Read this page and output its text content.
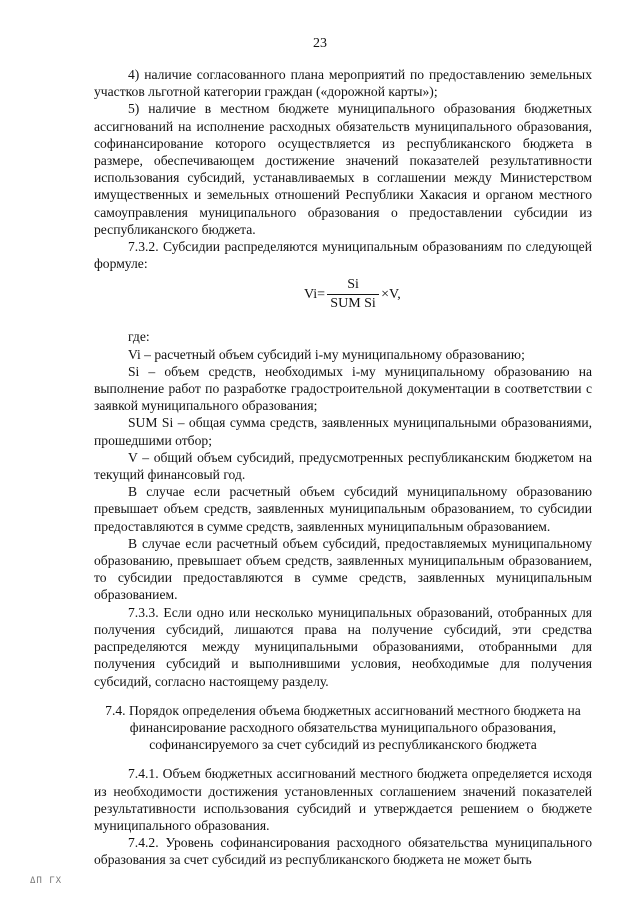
23

4) наличие согласованного плана мероприятий по предоставлению земельных участков льготной категории граждан («дорожной карты»);

5) наличие в местном бюджете муниципального образования бюджетных ассигнований на исполнение расходных обязательств муниципального образования, софинансирование которого осуществляется из республиканского бюджета в размере, обеспечивающем достижение значений показателей результативности использования субсидий, устанавливаемых в соглашении между Министерством имущественных и земельных отношений Республики Хакасия и органом местного самоуправления муниципального образования о предоставлении субсидии из республиканского бюджета.

7.3.2. Субсидии распределяются муниципальным образованиям по следующей формуле:

$Vi= \frac{Si}{\text{SUM Si}} \times V$,

где:

Vi – расчетный объем субсидий i-му муниципальному образованию;

Si – объем средств, необходимых i-му муниципальному образованию на выполнение работ по разработке градостроительной документации в соответствии с заявкой муниципального образования;

SUM Si – общая сумма средств, заявленных муниципальными образованиями, прошедшими отбор;

V – общий объем субсидий, предусмотренных республиканским бюджетом на текущий финансовый год.

В случае если расчетный объем субсидий муниципальному образованию превышает объем средств, заявленных муниципальным образованием, то субсидии предоставляются в сумме средств, заявленных муниципальным образованием.

В случае если расчетный объем субсидий, предоставляемых муниципальному образованию, превышает объем средств, заявленных муниципальным образованием, то субсидии предоставляются в сумме средств, заявленных муниципальным образованием.

7.3.3. Если одно или несколько муниципальных образований, отобранных для получения субсидий, лишаются права на получение субсидий, эти средства распределяются между муниципальными образованиями, отобранными для получения субсидий и выполнившими условия, необходимые для получения субсидий, согласно настоящему разделу.

7.4. Порядок определения объема бюджетных ассигнований местного бюджета на финансирование расходного обязательства муниципального образования, софинансируемого за счет субсидий из республиканского бюджета

7.4.1. Объем бюджетных ассигнований местного бюджета определяется исходя из необходимости достижения установленных соглашением значений показателей результативности использования субсидий и утверждается решением о бюджете муниципального образования.

7.4.2. Уровень софинансирования расходного обязательства муниципального образования за счет субсидий из республиканского бюджета не может быть

ΔΠ ΓΧ
